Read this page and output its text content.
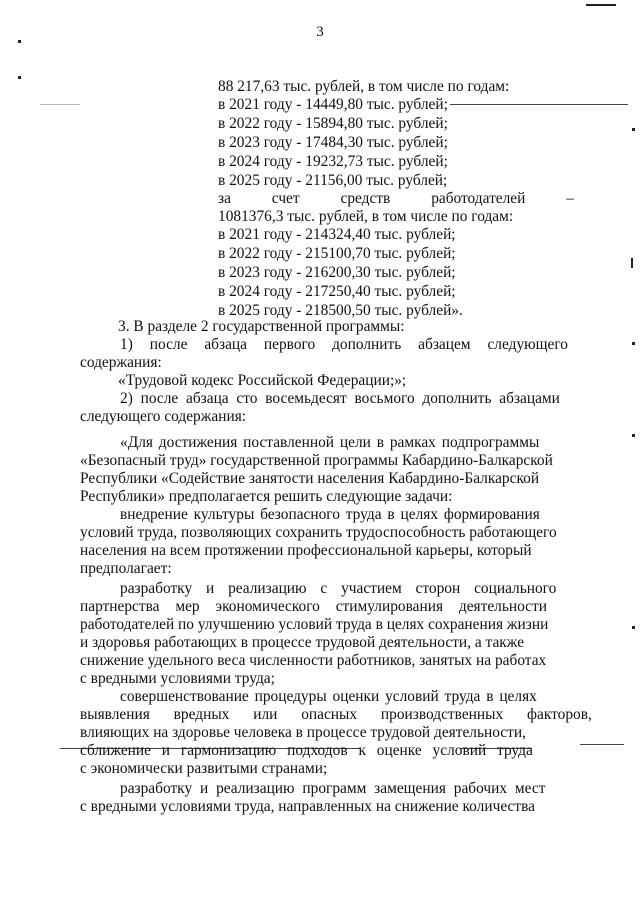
3
88 217,63 тыс. рублей, в том числе по годам:
в 2021 году - 14449,80 тыс. рублей;
в 2022 году - 15894,80 тыс. рублей;
в 2023 году - 17484,30 тыс. рублей;
в 2024 году - 19232,73 тыс. рублей;
в 2025 году - 21156,00 тыс. рублей;
за	счет	средств	работодателей	–
1081376,3 тыс. рублей, в том числе по годам:
в 2021 году - 214324,40 тыс. рублей;
в 2022 году - 215100,70 тыс. рублей;
в 2023 году - 216200,30 тыс. рублей;
в 2024 году - 217250,40 тыс. рублей;
в 2025 году - 218500,50 тыс. рублей».
3. В разделе 2 государственной программы:
1) после абзаца первого дополнить абзацем следующего
содержания:
«Трудовой кодекс Российской Федерации;»;
2) после абзаца сто восемьдесят восьмого дополнить абзацами
следующего содержания:
«Для достижения поставленной цели в рамках подпрограммы
«Безопасный труд» государственной программы Кабардино-Балкарской
Республики «Содействие занятости населения Кабардино-Балкарской
Республики» предполагается решить следующие задачи:
внедрение культуры безопасного труда в целях формирования
условий труда, позволяющих сохранить трудоспособность работающего
населения на всем протяжении профессиональной карьеры, который
предполагает:
разработку и реализацию с участием сторон социального
партнерства мер экономического стимулирования деятельности
работодателей по улучшению условий труда в целях сохранения жизни
и здоровья работающих в процессе трудовой деятельности, а также
снижение удельного веса численности работников, занятых на работах
с вредными условиями труда;
совершенствование процедуры оценки условий труда в целях
выявления вредных или опасных производственных факторов,
влияющих на здоровье человека в процессе трудовой деятельности,
сближение и гармонизацию подходов к оценке условий труда
с экономически развитыми странами;
разработку и реализацию программ замещения рабочих мест
с вредными условиями труда, направленных на снижение количества
